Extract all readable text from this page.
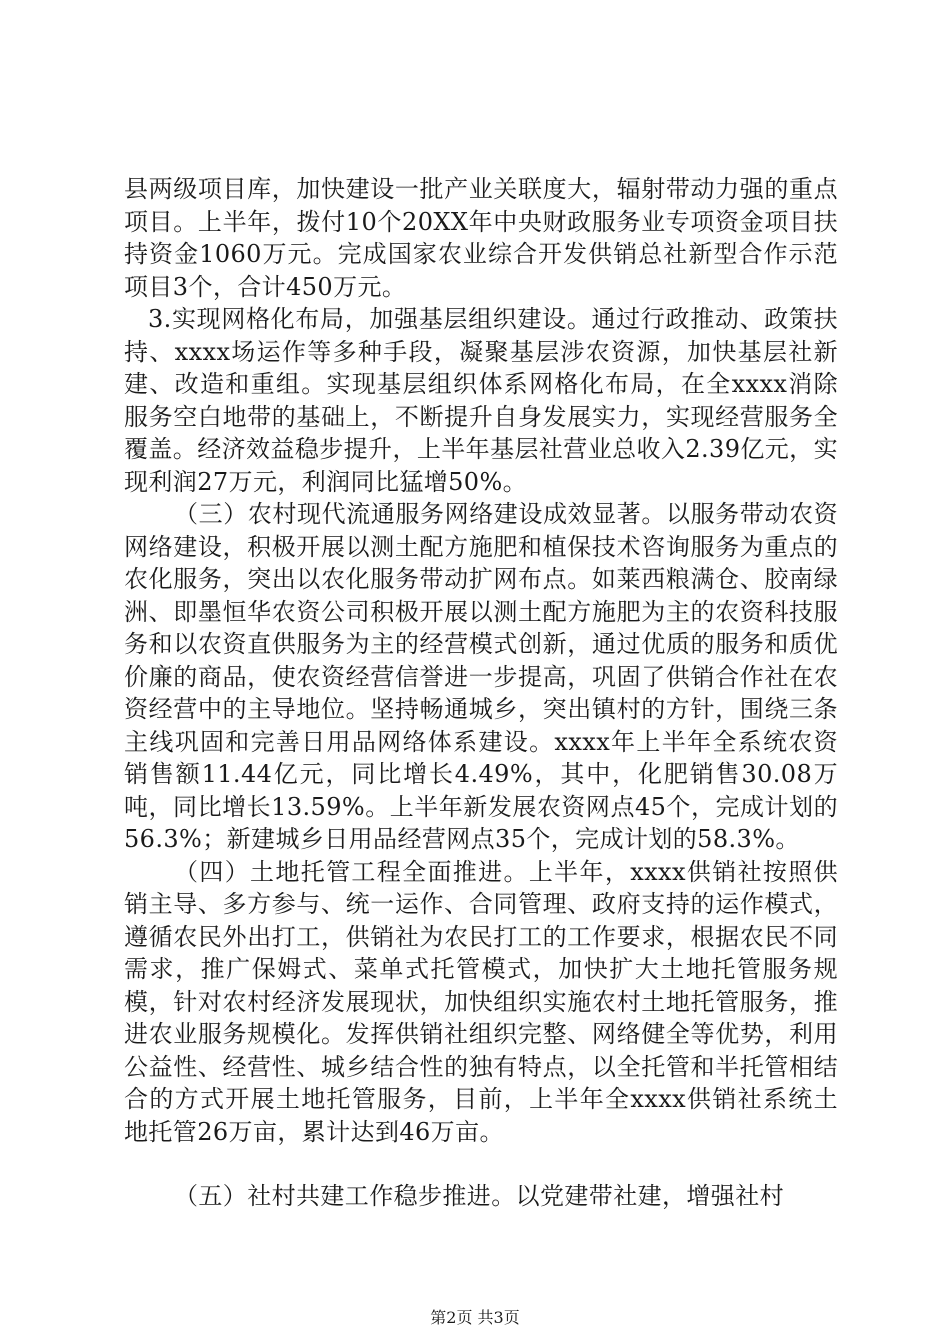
县两级项目库，加快建设一批产业关联度大，辐射带动力强的重点项目。上半年，拨付10个20XX年中央财政服务业专项资金项目扶持资金1060万元。完成国家农业综合开发供销总社新型合作示范项目3个，合计450万元。

3.实现网格化布局，加强基层组织建设。通过行政推动、政策扶持、xxxx场运作等多种手段，凝聚基层涉农资源，加快基层社新建、改造和重组。实现基层组织体系网格化布局，在全xxxx消除服务空白地带的基础上，不断提升自身发展实力，实现经营服务全覆盖。经济效益稳步提升，上半年基层社营业总收入2.39亿元，实现利润27万元，利润同比猛增50%。

（三）农村现代流通服务网络建设成效显著。以服务带动农资网络建设，积极开展以测土配方施肥和植保技术咨询服务为重点的农化服务，突出以农化服务带动扩网布点。如莱西粮满仓、胶南绿洲、即墨恒华农资公司积极开展以测土配方施肥为主的农资科技服务和以农资直供服务为主的经营模式创新，通过优质的服务和质优价廉的商品，使农资经营信誉进一步提高，巩固了供销合作社在农资经营中的主导地位。坚持畅通城乡，突出镇村的方针，围绕三条主线巩固和完善日用品网络体系建设。xxxx年上半年全系统农资销售额11.44亿元，同比增长4.49%，其中，化肥销售30.08万吨，同比增长13.59%。上半年新发展农资网点45个，完成计划的56.3%；新建城乡日用品经营网点35个，完成计划的58.3%。

（四）土地托管工程全面推进。上半年，xxxx供销社按照供销主导、多方参与、统一运作、合同管理、政府支持的运作模式，遵循农民外出打工，供销社为农民打工的工作要求，根据农民不同需求，推广保姆式、菜单式托管模式，加快扩大土地托管服务规模，针对农村经济发展现状，加快组织实施农村土地托管服务，推进农业服务规模化。发挥供销社组织完整、网络健全等优势，利用公益性、经营性、城乡结合性的独有特点，以全托管和半托管相结合的方式开展土地托管服务，目前，上半年全xxxx供销社系统土地托管26万亩，累计达到46万亩。

（五）社村共建工作稳步推进。以党建带社建，增强社村

第2页 共3页
